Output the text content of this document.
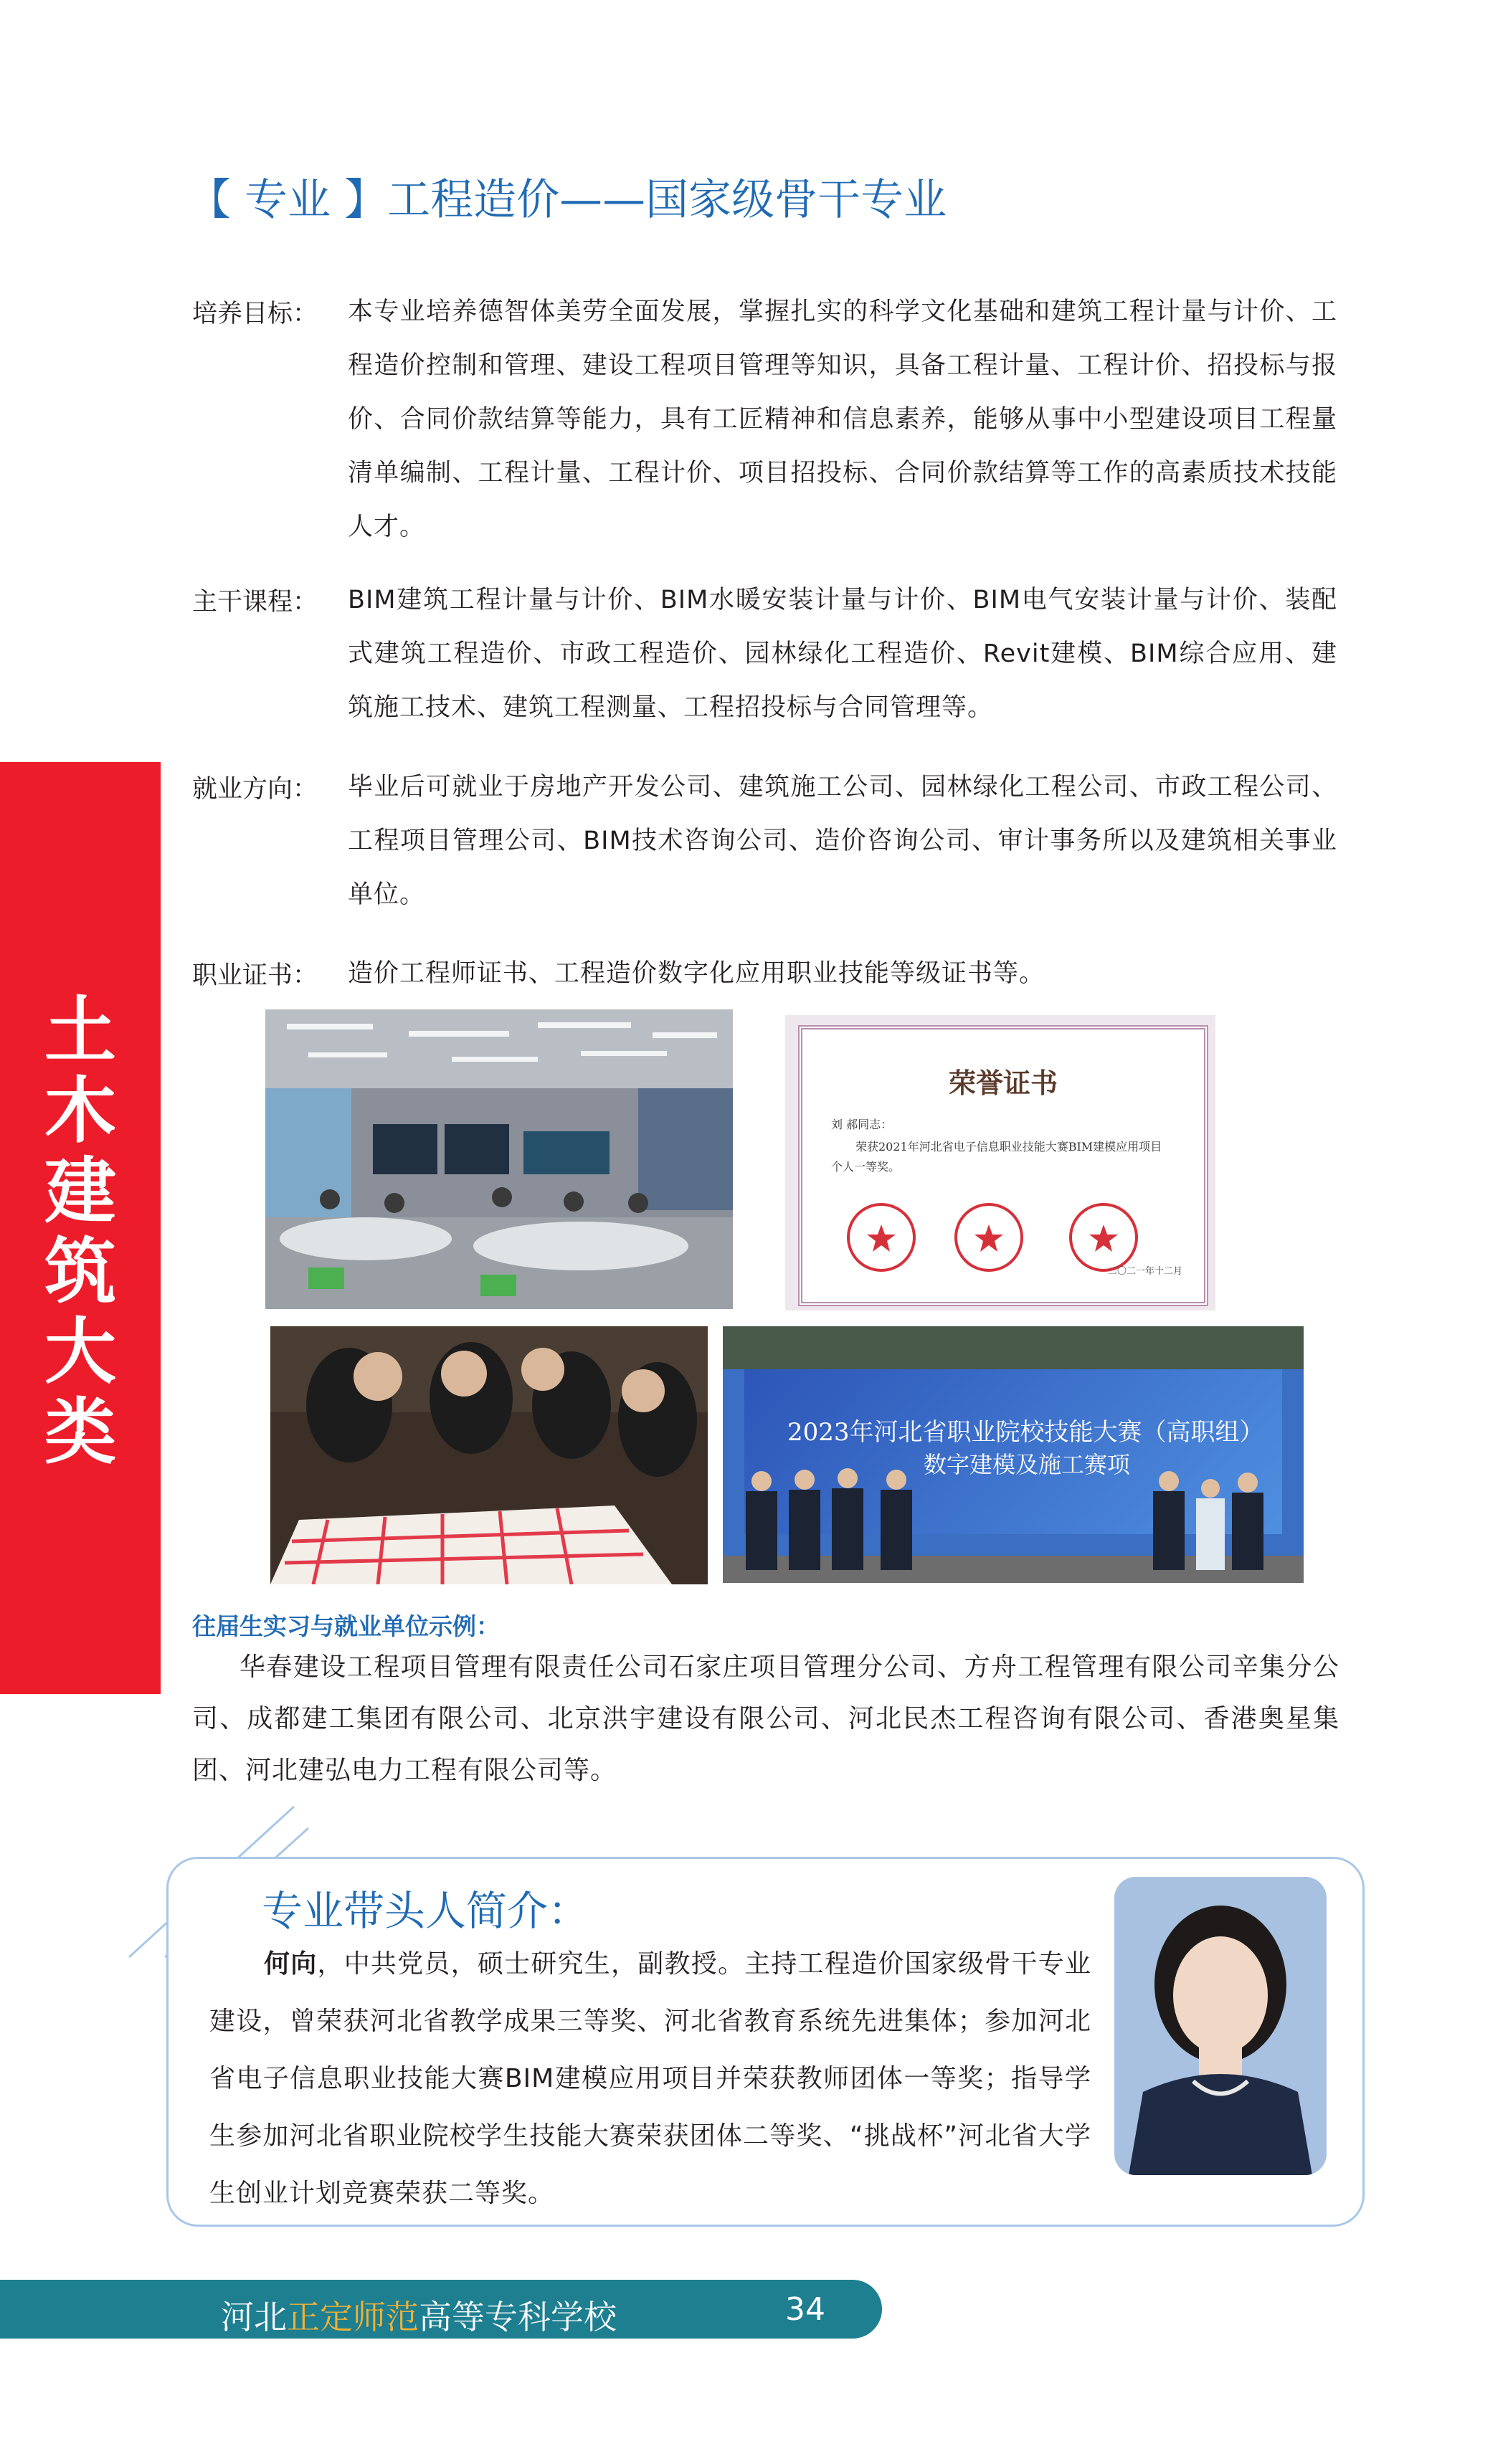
土
木
建
筑
大
类
【 专业 】工程造价——国家级骨干专业
培养目标： 本专业培养德智体美劳全面发展，掌握扎实的科学文化基础和建筑工程计量与计价、工程造价控制和管理、建设工程项目管理等知识，具备工程计量、工程计价、招投标与报价、合同价款结算等能力，具有工匠精神和信息素养，能够从事中小型建设项目工程量清单编制、工程计量、工程计价、项目招投标、合同价款结算等工作的高素质技术技能人才。
主干课程： BIM建筑工程计量与计价、BIM水暖安装计量与计价、BIM电气安装计量与计价、装配式建筑工程造价、市政工程造价、园林绿化工程造价、Revit建模、BIM综合应用、建筑施工技术、建筑工程测量、工程招投标与合同管理等。
就业方向： 毕业后可就业于房地产开发公司、建筑施工公司、园林绿化工程公司、市政工程公司、工程项目管理公司、BIM技术咨询公司、造价咨询公司、审计事务所以及建筑相关事业单位。
职业证书： 造价工程师证书、工程造价数字化应用职业技能等级证书等。
荣誉证书
刘 郝同志：
荣获2021年河北省电子信息职业技能大赛BIM建模应用项目个人一等奖。
二〇二一年十二月
2023年河北省职业院校技能大赛（高职组）
数字建模及施工赛项
往届生实习与就业单位示例：
华春建设工程项目管理有限责任公司石家庄项目管理分公司、方舟工程管理有限公司辛集分公司、成都建工集团有限公司、北京洪宇建设有限公司、河北民杰工程咨询有限公司、香港奥星集团、河北建弘电力工程有限公司等。
专业带头人简介：
何向，中共党员，硕士研究生，副教授。主持工程造价国家级骨干专业建设，曾荣获河北省教学成果三等奖、河北省教育系统先进集体；参加河北省电子信息职业技能大赛BIM建模应用项目并荣获教师团体一等奖；指导学生参加河北省职业院校学生技能大赛荣获团体二等奖、“挑战杯”河北省大学生创业计划竞赛荣获二等奖。
河北正定师范高等专科学校	34
